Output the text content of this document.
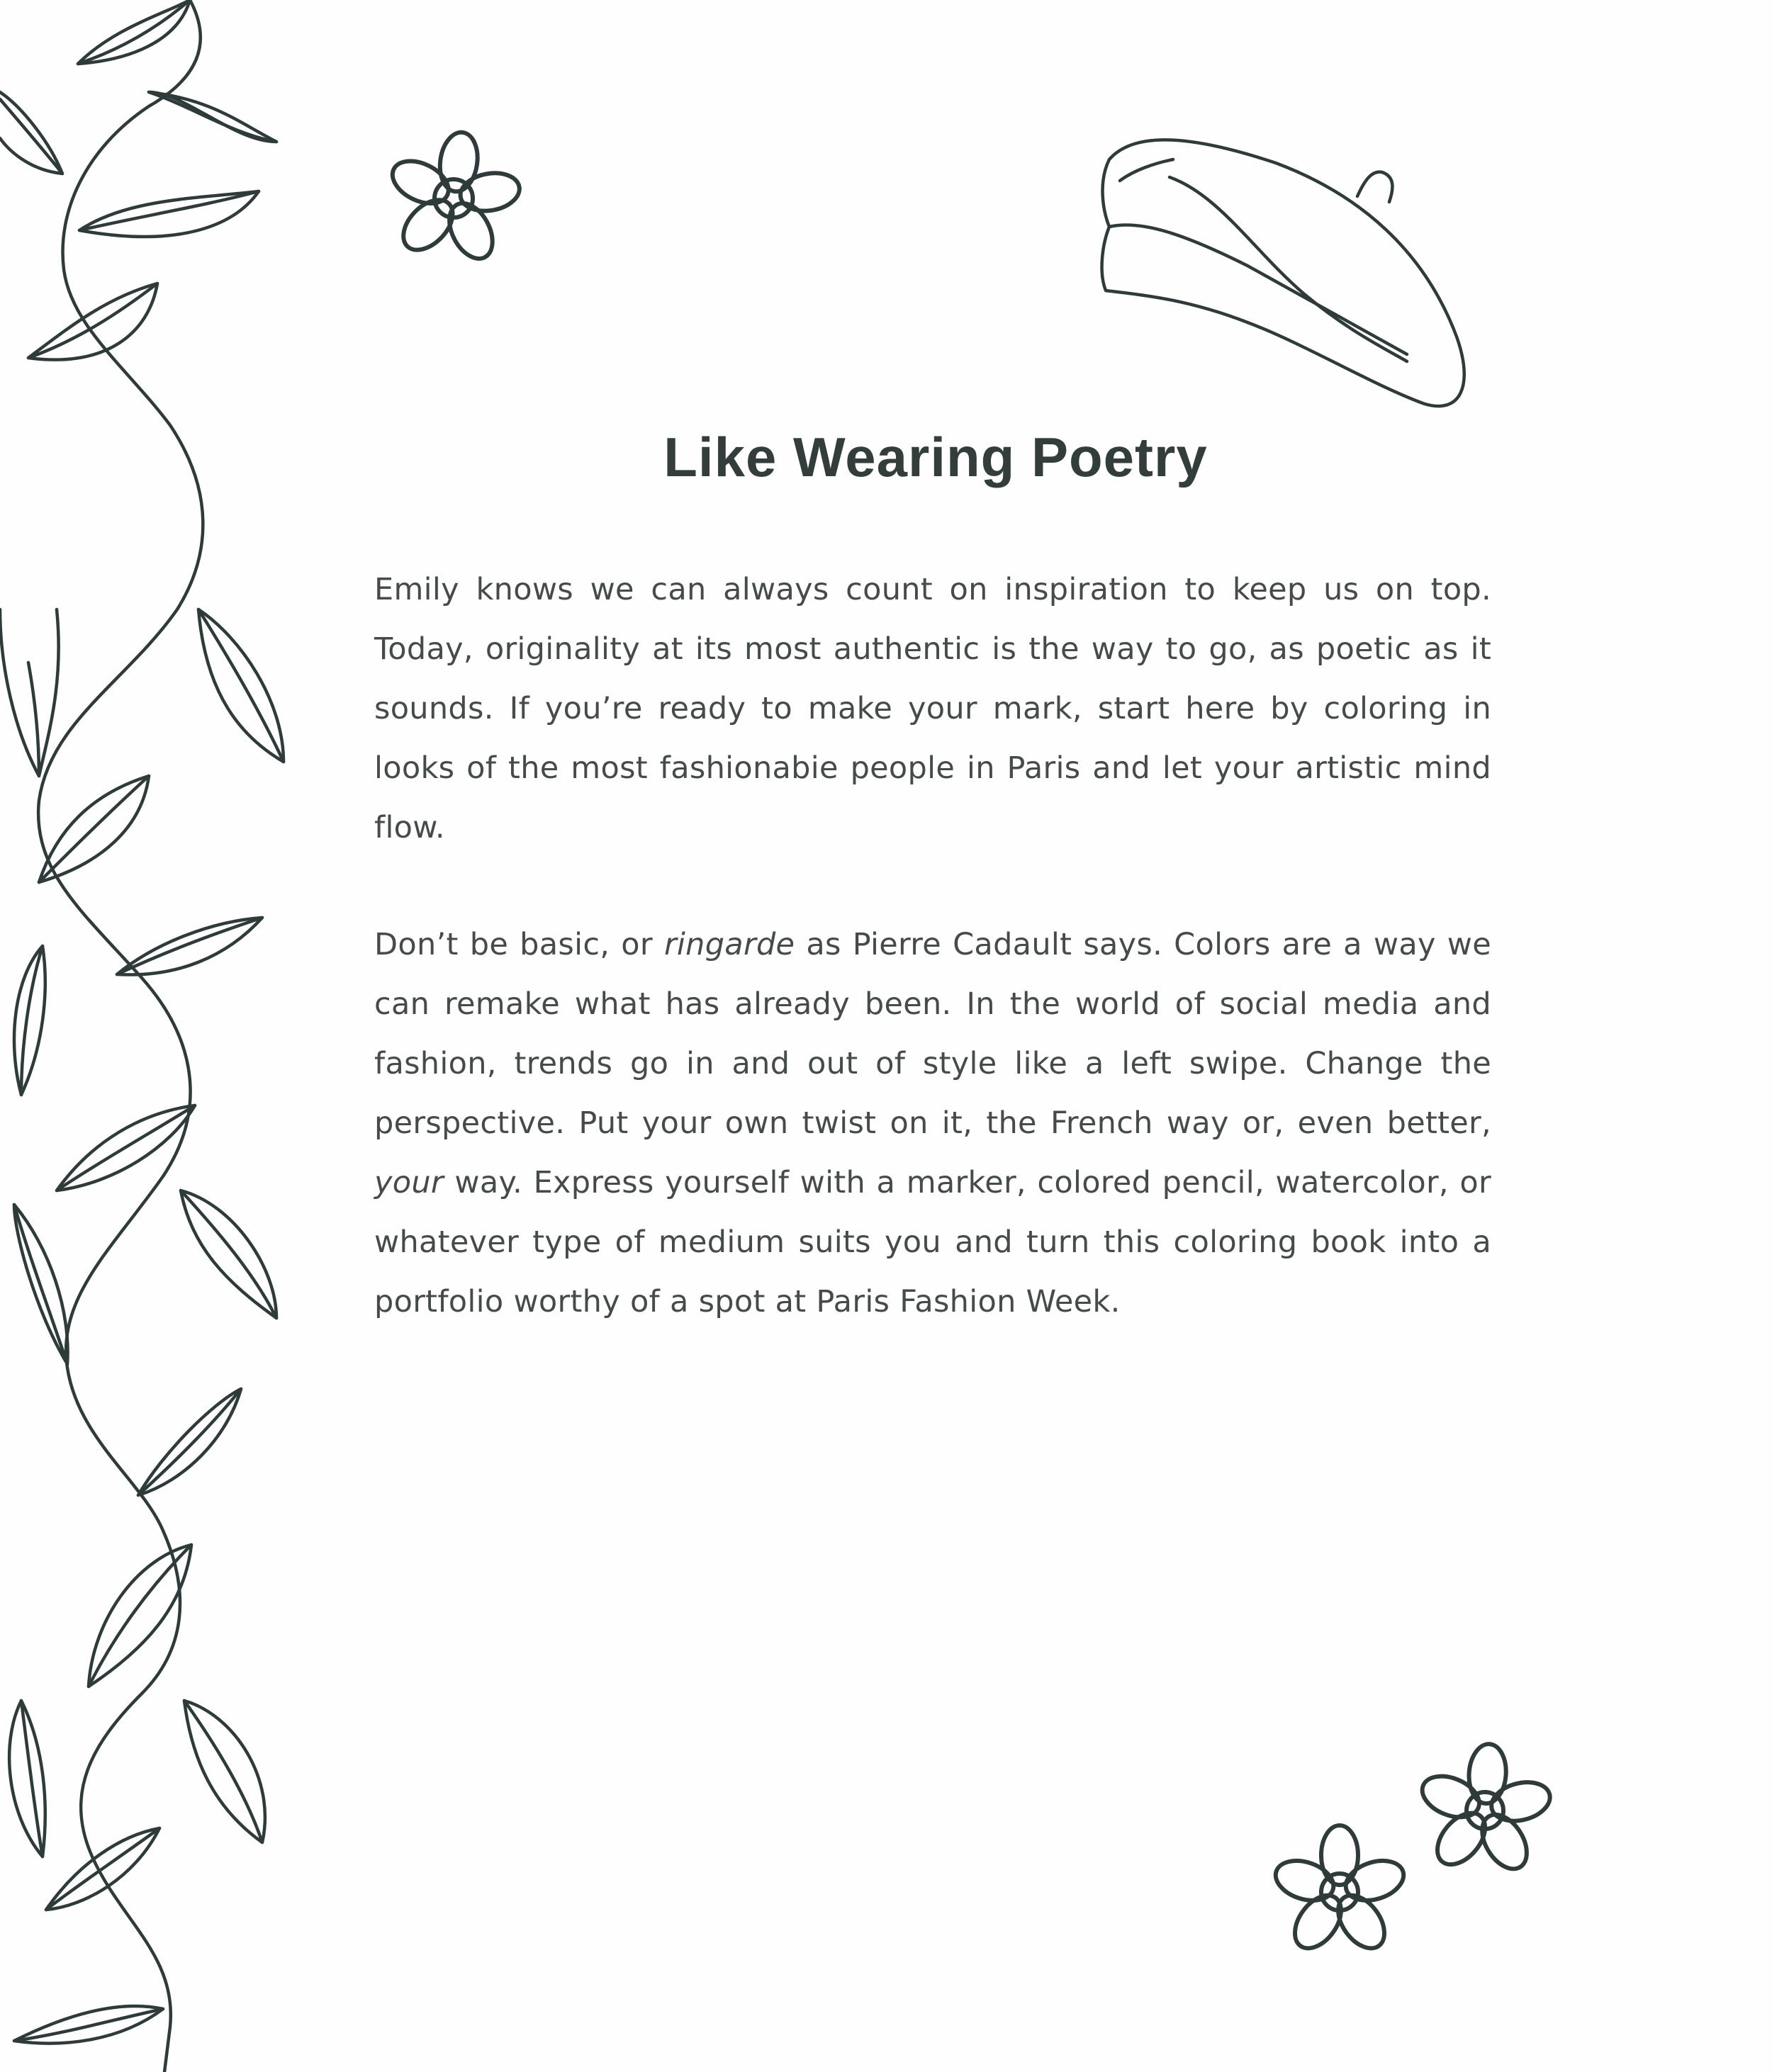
Like Wearing Poetry

Emily knows we can always count on inspiration to keep us on top. Today, originality at its most authentic is the way to go, as poetic as it sounds. If you’re ready to make your mark, start here by coloring in looks of the most fashionabie people in Paris and let your artistic mind flow.

Don’t be basic, or ringarde as Pierre Cadault says. Colors are a way we can remake what has already been. In the world of social media and fashion, trends go in and out of style like a left swipe. Change the perspective. Put your own twist on it, the French way or, even better, your way. Express yourself with a marker, colored pencil, watercolor, or whatever type of medium suits you and turn this coloring book into a portfolio worthy of a spot at Paris Fashion Week.
